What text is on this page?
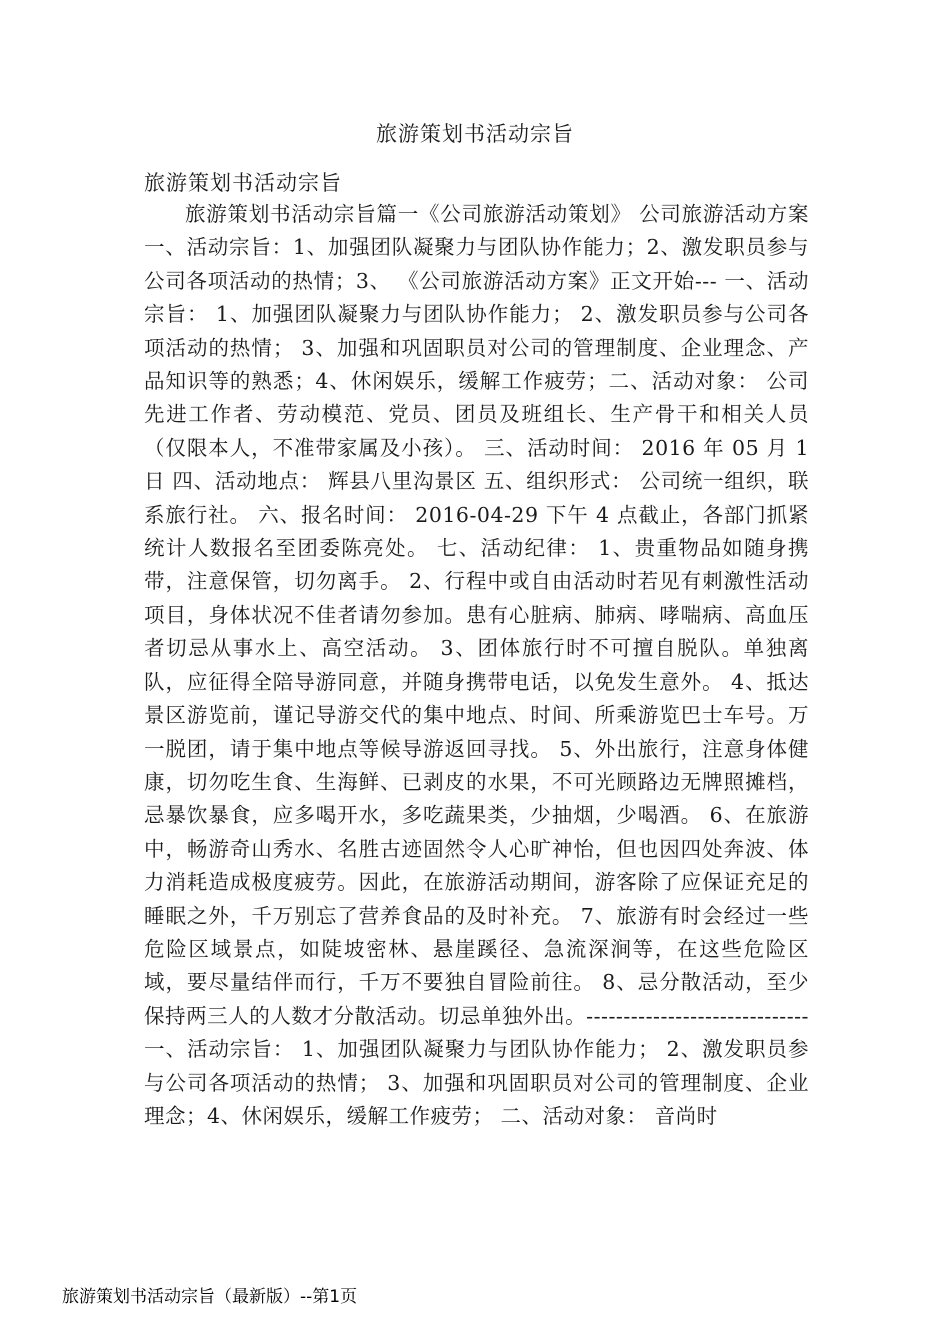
旅游策划书活动宗旨
旅游策划书活动宗旨

旅游策划书活动宗旨篇一《公司旅游活动策划》 公司旅游活动方案 一、活动宗旨：1、加强团队凝聚力与团队协作能力；2、激发职员参与公司各项活动的热情；3、 《公司旅游活动方案》正文开始--- 一、活动宗旨： 1、加强团队凝聚力与团队协作能力； 2、激发职员参与公司各项活动的热情； 3、加强和巩固职员对公司的管理制度、企业理念、产品知识等的熟悉；4、休闲娱乐，缓解工作疲劳；二、活动对象： 公司先进工作者、劳动模范、党员、团员及班组长、生产骨干和相关人员（仅限本人，不准带家属及小孩）。 三、活动时间： 2016 年 05 月 1 日 四、活动地点： 辉县八里沟景区 五、组织形式： 公司统一组织，联系旅行社。 六、报名时间： 2016-04-29 下午 4 点截止，各部门抓紧统计人数报名至团委陈亮处。 七、活动纪律： 1、贵重物品如随身携带，注意保管，切勿离手。 2、行程中或自由活动时若见有刺激性活动项目，身体状况不佳者请勿参加。患有心脏病、肺病、哮喘病、高血压者切忌从事水上、高空活动。 3、团体旅行时不可擅自脱队。单独离队，应征得全陪导游同意，并随身携带电话，以免发生意外。 4、抵达景区游览前，谨记导游交代的集中地点、时间、所乘游览巴士车号。万一脱团，请于集中地点等候导游返回寻找。 5、外出旅行，注意身体健康，切勿吃生食、生海鲜、已剥皮的水果，不可光顾路边无牌照摊档，忌暴饮暴食，应多喝开水，多吃蔬果类，少抽烟，少喝酒。 6、在旅游中，畅游奇山秀水、名胜古迹固然令人心旷神怡，但也因四处奔波、体力消耗造成极度疲劳。因此，在旅游活动期间，游客除了应保证充足的睡眠之外，千万别忘了营养食品的及时补充。 7、旅游有时会经过一些危险区域景点，如陡坡密林、悬崖蹊径、急流深涧等，在这些危险区域，要尽量结伴而行，千万不要独自冒险前往。 8、忌分散活动，至少保持两三人的人数才分散活动。切忌单独外出。------------------------------ 一、活动宗旨： 1、加强团队凝聚力与团队协作能力； 2、激发职员参与公司各项活动的热情； 3、加强和巩固职员对公司的管理制度、企业理念；4、休闲娱乐，缓解工作疲劳； 二、活动对象： 音尚时

旅游策划书活动宗旨（最新版）--第1页
